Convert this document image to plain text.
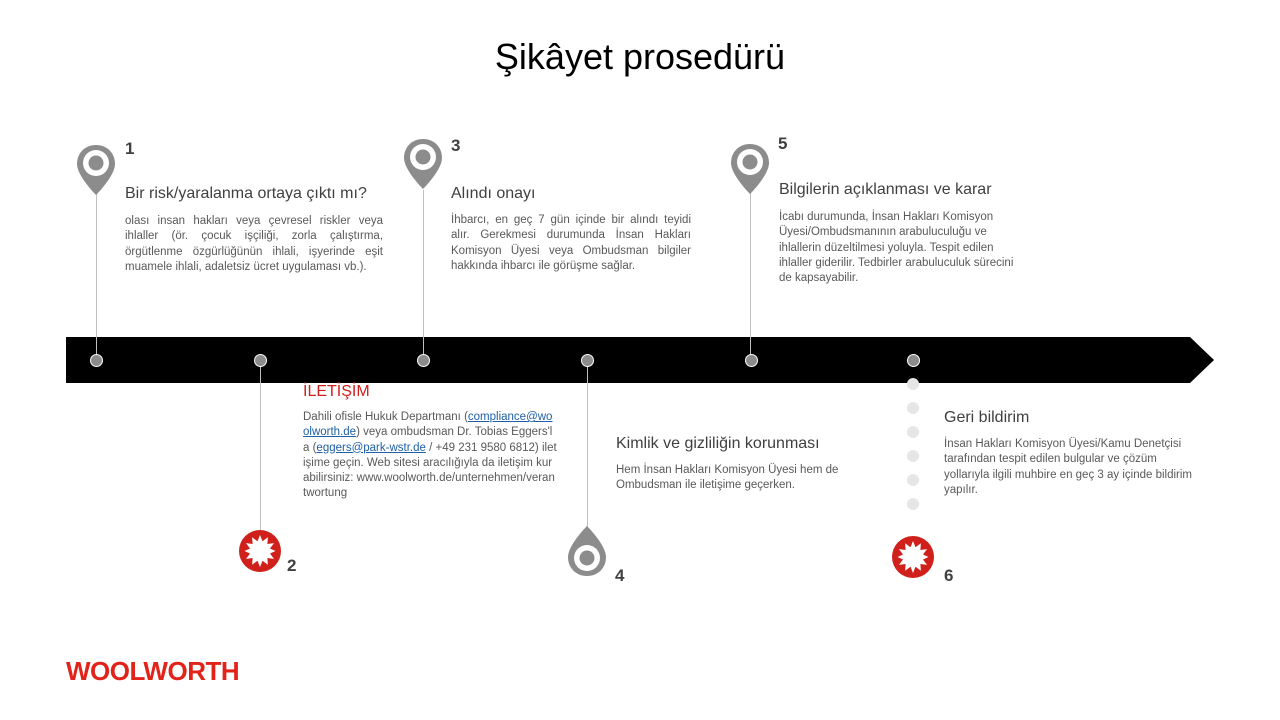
Şikâyet prosedürü
1
2
3
4
5
6
Bir risk/yaralanma ortaya çıktı mı?
olası insan hakları veya çevresel riskler veya ihlaller (ör. çocuk işçiliği, zorla çalıştırma, örgütlenme özgürlüğünün ihlali, işyerinde eşit muamele ihlali, adaletsiz ücret uygulaması vb.).
İLETİŞİM
Dahili ofisle Hukuk Departmanı (compliance@woolworth.de) veya ombudsman Dr. Tobias Eggers'la (eggers@park-wstr.de / +49 231 9580 6812) iletişime geçin. Web sitesi aracılığıyla da iletişim kurabilirsiniz: www.woolworth.de/unternehmen/verantwortung
Alındı onayı
İhbarcı, en geç 7 gün içinde bir alındı teyidi alır. Gerekmesi durumunda İnsan Hakları Komisyon Üyesi veya Ombudsman bilgiler hakkında ihbarcı ile görüşme sağlar.
Kimlik ve gizliliğin korunması
Hem İnsan Hakları Komisyon Üyesi hem de Ombudsman ile iletişime geçerken.
Bilgilerin açıklanması ve karar
İcabı durumunda, İnsan Hakları Komisyon Üyesi/Ombudsmanının arabuluculuğu ve ihlallerin düzeltilmesi yoluyla. Tespit edilen ihlaller giderilir. Tedbirler arabuluculuk sürecini de kapsayabilir.
Geri bildirim
İnsan Hakları Komisyon Üyesi/Kamu Denetçisi tarafından tespit edilen bulgular ve çözüm yollarıyla ilgili muhbire en geç 3 ay içinde bildirim yapılır.
WOOLWORTH
